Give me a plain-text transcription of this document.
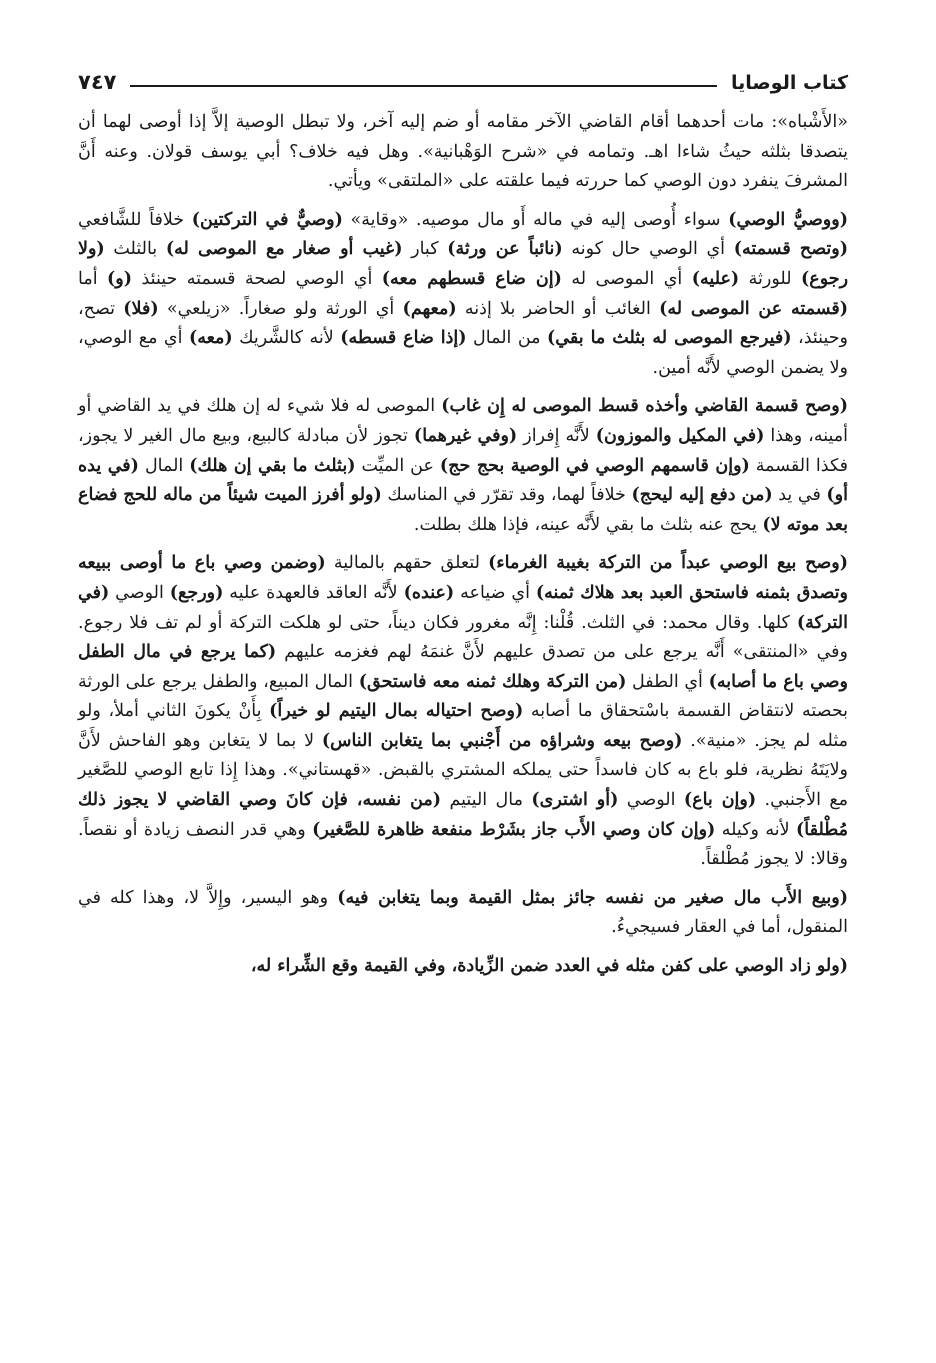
كتاب الوصايا
٧٤٧

«الأَشْباه»: مات أحدهما أقام القاضي الآخر مقامه أو ضم إليه آخر، ولا تبطل الوصية إلاَّ إذا أوصى لهما أن يتصدقا بثلثه حيثُ شاءا اهـ. وتمامه في «شرح الوَهْبانية». وهل فيه خلاف؟ أبي يوسف قولان. وعنه أَنَّ المشرفَ ينفرد دون الوصي كما حررته فيما علقته على «الملتقى» ويأتي.

(ووصيُّ الوصي) سواء أُوصى إليه في ماله أَو مال موصيه. «وقاية» (وصيٌّ في التركتين) خلافاً للشَّافعي (وتصح قسمته) أي الوصي حال كونه (نائباً عن ورثة) كبار (غيب أو صغار مع الموصى له) بالثلث (ولا رجوع) للورثة (عليه) أي الموصى له (إن ضاع قسطهم معه) أي الوصي لصحة قسمته حينئذ (و) أما (قسمته عن الموصى له) الغائب أو الحاضر بلا إذنه (معهم) أي الورثة ولو صغاراً. «زيلعي» (فلا) تصح، وحينئذ، (فيرجع الموصى له بثلث ما بقي) من المال (إذا ضاع قسطه) لأنه كالشَّريك (معه) أي مع الوصي، ولا يضمن الوصي لأَنَّه أمين.

(وصح قسمة القاضي وأخذه قسط الموصى له إِن غاب) الموصى له فلا شيء له إن هلك في يد القاضي أو أمينه، وهذا (في المكيل والموزون) لأَنَّه إِفراز (وفي غيرهما) تجوز لأن مبادلة كالبيع، وبيع مال الغير لا يجوز، فكذا القسمة (وإن قاسمهم الوصي في الوصية بحج حج) عن الميِّت (بثلث ما بقي إن هلك) المال (في يده أو) في يد (من دفع إليه ليحج) خلافاً لهما، وقد تقرّر في المناسك (ولو أفرز الميت شيئاً من ماله للحج فضاع بعد موته لا) يحج عنه بثلث ما بقي لأَنَّه عينه، فإذا هلك بطلت.

(وصح بيع الوصي عبداً من التركة بغيبة الغرماء) لتعلق حقهم بالمالية (وضمن وصي باع ما أوصى ببيعه وتصدق بثمنه فاستحق العبد بعد هلاك ثمنه) أي ضياعه (عنده) لأَنَّه العاقد فالعهدة عليه (ورجع) الوصي (في التركة) كلها. وقال محمد: في الثلث. قُلْنا: إِنَّه مغرور فكان ديناً، حتى لو هلكت التركة أو لم تف فلا رجوع. وفي «المنتقى» أَنَّه يرجع على من تصدق عليهم لأَنَّ غنمَهُ لهم فغزمه عليهم (كما يرجع في مال الطفل وصي باع ما أصابه) أي الطفل (من التركة وهلك ثمنه معه فاستحق) المال المبيع، والطفل يرجع على الورثة بحصته لانتقاض القسمة باسْتحقاق ما أصابه (وصح احتياله بمال اليتيم لو خيراً) بِأَنْ يكونَ الثاني أملأ، ولو مثله لم يجز. «منية». (وصح بيعه وشراؤه من أَجْنبي بما يتغابن الناس) لا بما لا يتغابن وهو الفاحش لأَنَّ ولايَتَهُ نظرية، فلو باع به كان فاسداً حتى يملكه المشتري بالقبض. «قهستاني». وهذا إِذا تابع الوصي للصَّغير مع الأَجنبي. (وإن باع) الوصي (أو اشترى) مال اليتيم (من نفسه، فإن كانَ وصي القاضي لا يجوز ذلك مُطْلقاً) لأنه وكيله (وإن كان وصي الأَب جاز بشَرْط منفعة ظاهرة للصَّغير) وهي قدر النصف زيادة أو نقصاً. وقالا: لا يجوز مُطْلقاً.

(وبيع الأَب مال صغير من نفسه جائز بمثل القيمة وبما يتغابن فيه) وهو اليسير، وإِلاَّ لا، وهذا كله في المنقول، أما في العقار فسيجيءُ.

(ولو زاد الوصي على كفن مثله في العدد ضمن الزِّيادة، وفي القيمة وقع الشِّراء له،
